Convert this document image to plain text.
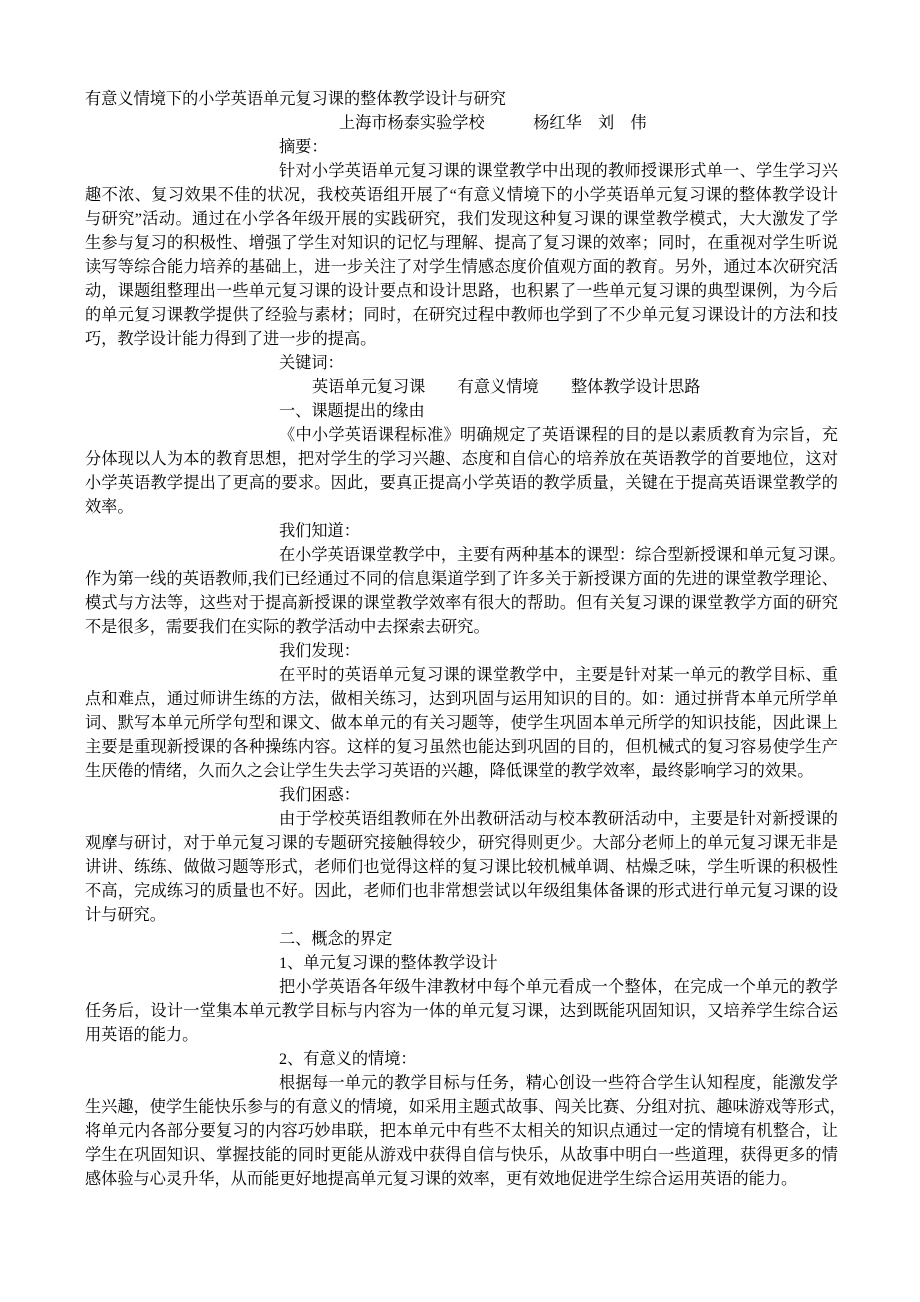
有意义情境下的小学英语单元复习课的整体教学设计与研究
上海市杨泰实验学校　　　杨红华　刘　伟
摘要：
针对小学英语单元复习课的课堂教学中出现的教师授课形式单一、学生学习兴
趣不浓、复习效果不佳的状况，我校英语组开展了“有意义情境下的小学英语单元复习课的整体教学设计
与研究”活动。通过在小学各年级开展的实践研究，我们发现这种复习课的课堂教学模式，大大激发了学
生参与复习的积极性、增强了学生对知识的记忆与理解、提高了复习课的效率；同时，在重视对学生听说
读写等综合能力培养的基础上，进一步关注了对学生情感态度价值观方面的教育。另外，通过本次研究活
动，课题组整理出一些单元复习课的设计要点和设计思路，也积累了一些单元复习课的典型课例，为今后
的单元复习课教学提供了经验与素材；同时，在研究过程中教师也学到了不少单元复习课设计的方法和技
巧，教学设计能力得到了进一步的提高。
关键词：
英语单元复习课　　有意义情境　　整体教学设计思路
一、课题提出的缘由
《中小学英语课程标准》明确规定了英语课程的目的是以素质教育为宗旨，充
分体现以人为本的教育思想，把对学生的学习兴趣、态度和自信心的培养放在英语教学的首要地位，这对
小学英语教学提出了更高的要求。因此，要真正提高小学英语的教学质量，关键在于提高英语课堂教学的
效率。
我们知道：
在小学英语课堂教学中，主要有两种基本的课型：综合型新授课和单元复习课。
作为第一线的英语教师,我们已经通过不同的信息渠道学到了许多关于新授课方面的先进的课堂教学理论、
模式与方法等，这些对于提高新授课的课堂教学效率有很大的帮助。但有关复习课的课堂教学方面的研究
不是很多，需要我们在实际的教学活动中去探索去研究。
我们发现：
在平时的英语单元复习课的课堂教学中，主要是针对某一单元的教学目标、重
点和难点，通过师讲生练的方法，做相关练习，达到巩固与运用知识的目的。如：通过拼背本单元所学单
词、默写本单元所学句型和课文、做本单元的有关习题等，使学生巩固本单元所学的知识技能，因此课上
主要是重现新授课的各种操练内容。这样的复习虽然也能达到巩固的目的，但机械式的复习容易使学生产
生厌倦的情绪，久而久之会让学生失去学习英语的兴趣，降低课堂的教学效率，最终影响学习的效果。
我们困惑：
由于学校英语组教师在外出教研活动与校本教研活动中，主要是针对新授课的
观摩与研讨，对于单元复习课的专题研究接触得较少，研究得则更少。大部分老师上的单元复习课无非是
讲讲、练练、做做习题等形式，老师们也觉得这样的复习课比较机械单调、枯燥乏味，学生听课的积极性
不高，完成练习的质量也不好。因此，老师们也非常想尝试以年级组集体备课的形式进行单元复习课的设
计与研究。
二、概念的界定
1、单元复习课的整体教学设计
把小学英语各年级牛津教材中每个单元看成一个整体，在完成一个单元的教学
任务后，设计一堂集本单元教学目标与内容为一体的单元复习课，达到既能巩固知识，又培养学生综合运
用英语的能力。
2、有意义的情境：
根据每一单元的教学目标与任务，精心创设一些符合学生认知程度，能激发学
生兴趣，使学生能快乐参与的有意义的情境，如采用主题式故事、闯关比赛、分组对抗、趣味游戏等形式，
将单元内各部分要复习的内容巧妙串联，把本单元中有些不太相关的知识点通过一定的情境有机整合，让
学生在巩固知识、掌握技能的同时更能从游戏中获得自信与快乐，从故事中明白一些道理，获得更多的情
感体验与心灵升华，从而能更好地提高单元复习课的效率，更有效地促进学生综合运用英语的能力。
